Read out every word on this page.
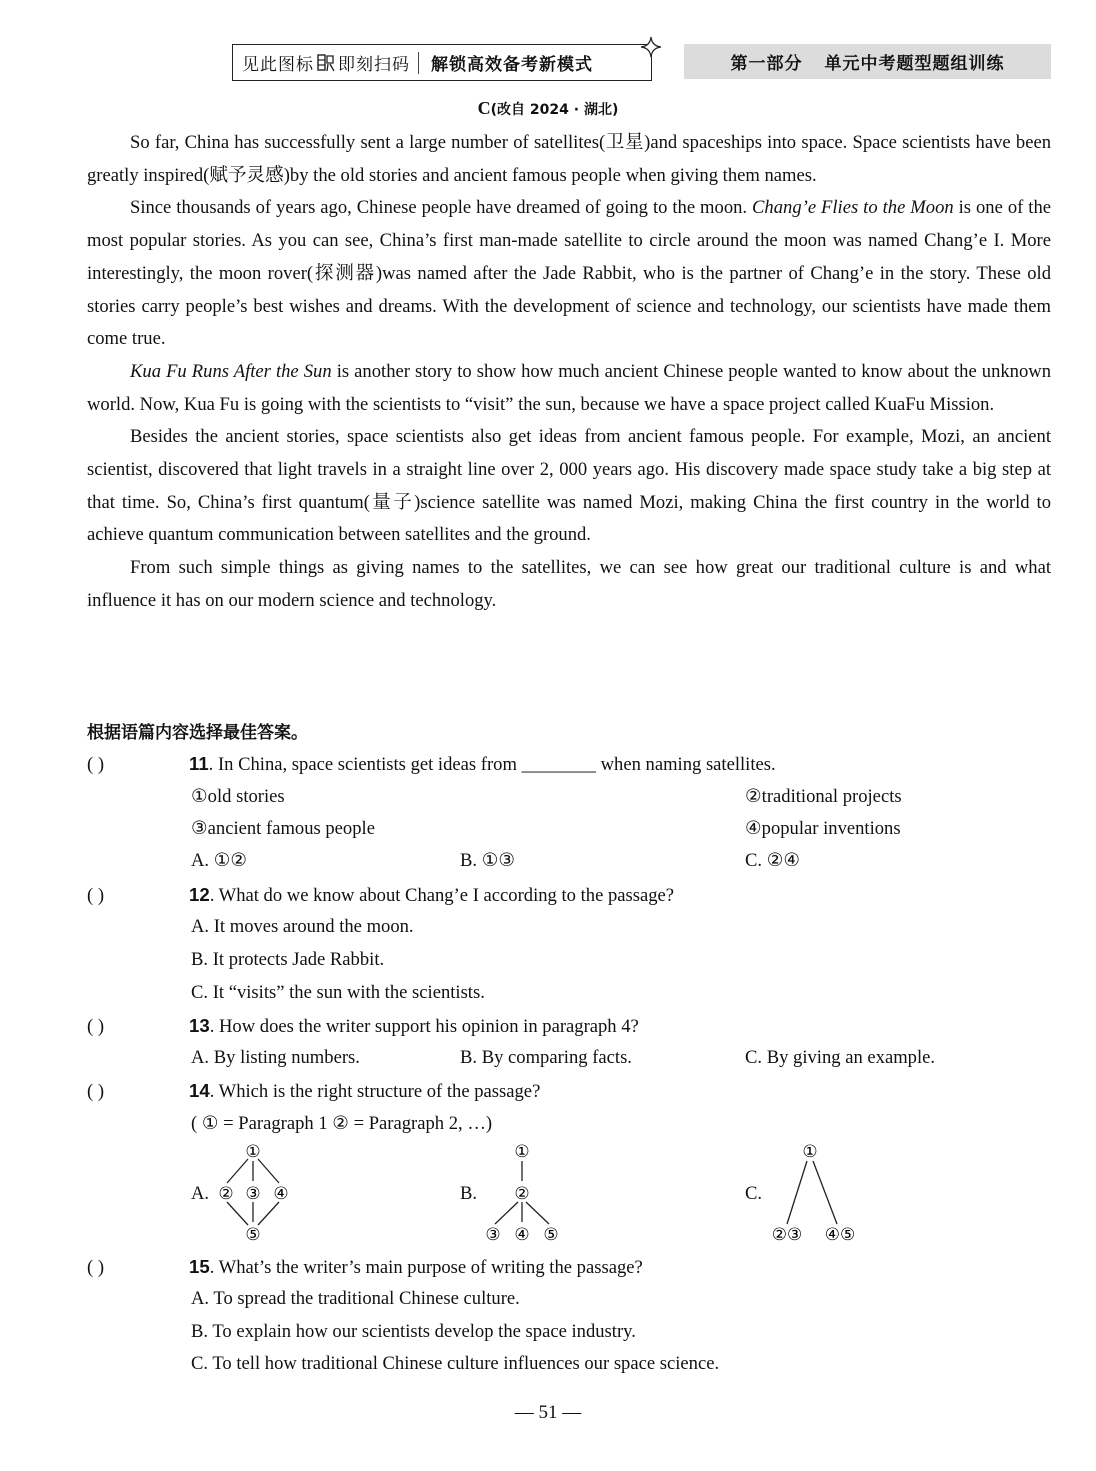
见此图标 即刻扫码 解锁高效备考新模式	第一部分 单元中考题型题组训练
C(改自 2024 · 湖北)

So far, China has successfully sent a large number of satellites(卫星)and spaceships into space. Space scientists have been greatly inspired(赋予灵感)by the old stories and ancient famous people when giving them names.

Since thousands of years ago, Chinese people have dreamed of going to the moon. Chang’e Flies to the Moon is one of the most popular stories. As you can see, China’s first man-made satellite to circle around the moon was named Chang’e I. More interestingly, the moon rover(探测器)was named after the Jade Rabbit, who is the partner of Chang’e in the story. These old stories carry people’s best wishes and dreams. With the development of science and technology, our scientists have made them come true.

Kua Fu Runs After the Sun is another story to show how much ancient Chinese people wanted to know about the unknown world. Now, Kua Fu is going with the scientists to “visit” the sun, because we have a space project called KuaFu Mission.

Besides the ancient stories, space scientists also get ideas from ancient famous people. For example, Mozi, an ancient scientist, discovered that light travels in a straight line over 2, 000 years ago. His discovery made space study take a big step at that time. So, China’s first quantum(量子)science satellite was named Mozi, making China the first country in the world to achieve quantum communication between satellites and the ground.

From such simple things as giving names to the satellites, we can see how great our traditional culture is and what influence it has on our modern science and technology.

根据语篇内容选择最佳答案。
( )	11. In China, space scientists get ideas from ________ when naming satellites.
①old stories	②traditional projects
③ancient famous people	④popular inventions
A. ①②	B. ①③	C. ②④
( )	12. What do we know about Chang’e I according to the passage?
A. It moves around the moon.
B. It protects Jade Rabbit.
C. It “visits” the sun with the scientists.
( )	13. How does the writer support his opinion in paragraph 4?
A. By listing numbers.	B. By comparing facts.	C. By giving an example.
( )	14. Which is the right structure of the passage?
( ① = Paragraph 1 ② = Paragraph 2, …)
A.
①
② ③ ④
⑤
B.
①
②
③ ④ ⑤
C.
①
②③ ④⑤
( )	15. What’s the writer’s main purpose of writing the passage?
A. To spread the traditional Chinese culture.
B. To explain how our scientists develop the space industry.
C. To tell how traditional Chinese culture influences our space science.
— 51 —
